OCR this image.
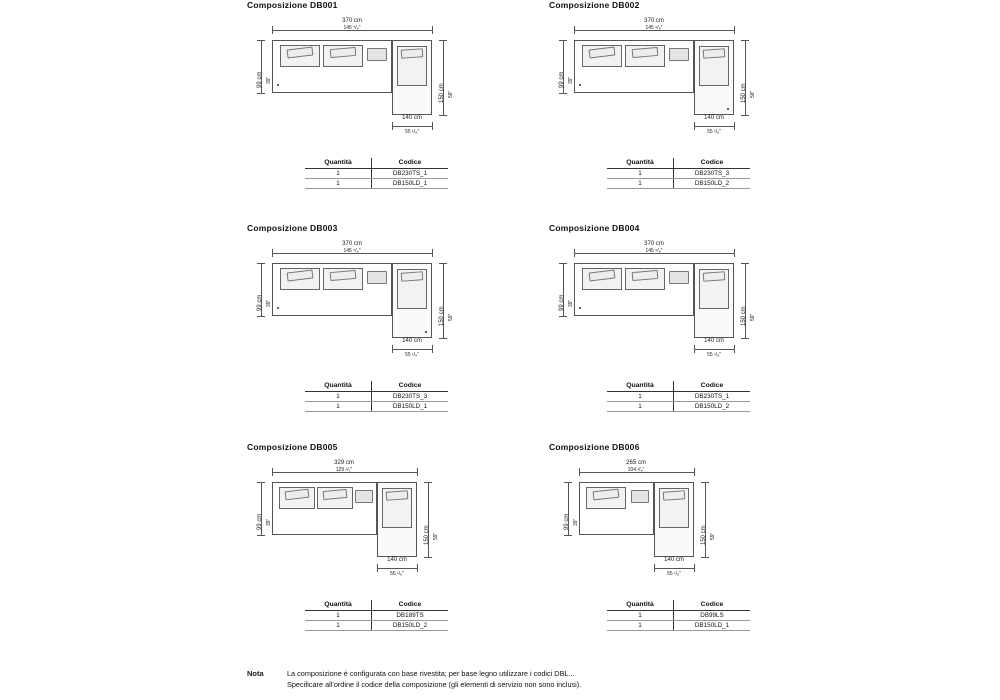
Composizione DB001
370 cm
145 ⁵/₈"
99 cm 39"
150 cm 59"
140 cm
55 ¹/₈"
Quantità	Codice
1	DB230TS_1
1	DB150LD_1
Composizione DB002
370 cm
145 ⁵/₈"
99 cm 39"
150 cm 59"
140 cm
55 ¹/₈"
Quantità	Codice
1	DB230TS_3
1	DB150LD_2
Composizione DB003
370 cm
145 ⁵/₈"
99 cm 39"
150 cm 59"
140 cm
55 ¹/₈"
Quantità	Codice
1	DB230TS_3
1	DB150LD_1
Composizione DB004
370 cm
145 ⁵/₈"
99 cm 39"
150 cm 59"
140 cm
55 ¹/₈"
Quantità	Codice
1	DB230TS_1
1	DB150LD_2
Composizione DB005
329 cm
129 ¹/₂"
99 cm 39"
150 cm 59"
140 cm
55 ¹/₈"
Quantità	Codice
1	DB189TS
1	DB150LD_2
Composizione DB006
265 cm
104 ³/₈"
99 cm 39"
150 cm 59"
140 cm
55 ¹/₈"
Quantità	Codice
1	DB99LS
1	DB150LD_1
Nota	La composizione è configurata con base rivestita; per base legno utilizzare i codici DBL...
Specificare all'ordine il codice della composizione (gli elementi di servizio non sono inclusi).
